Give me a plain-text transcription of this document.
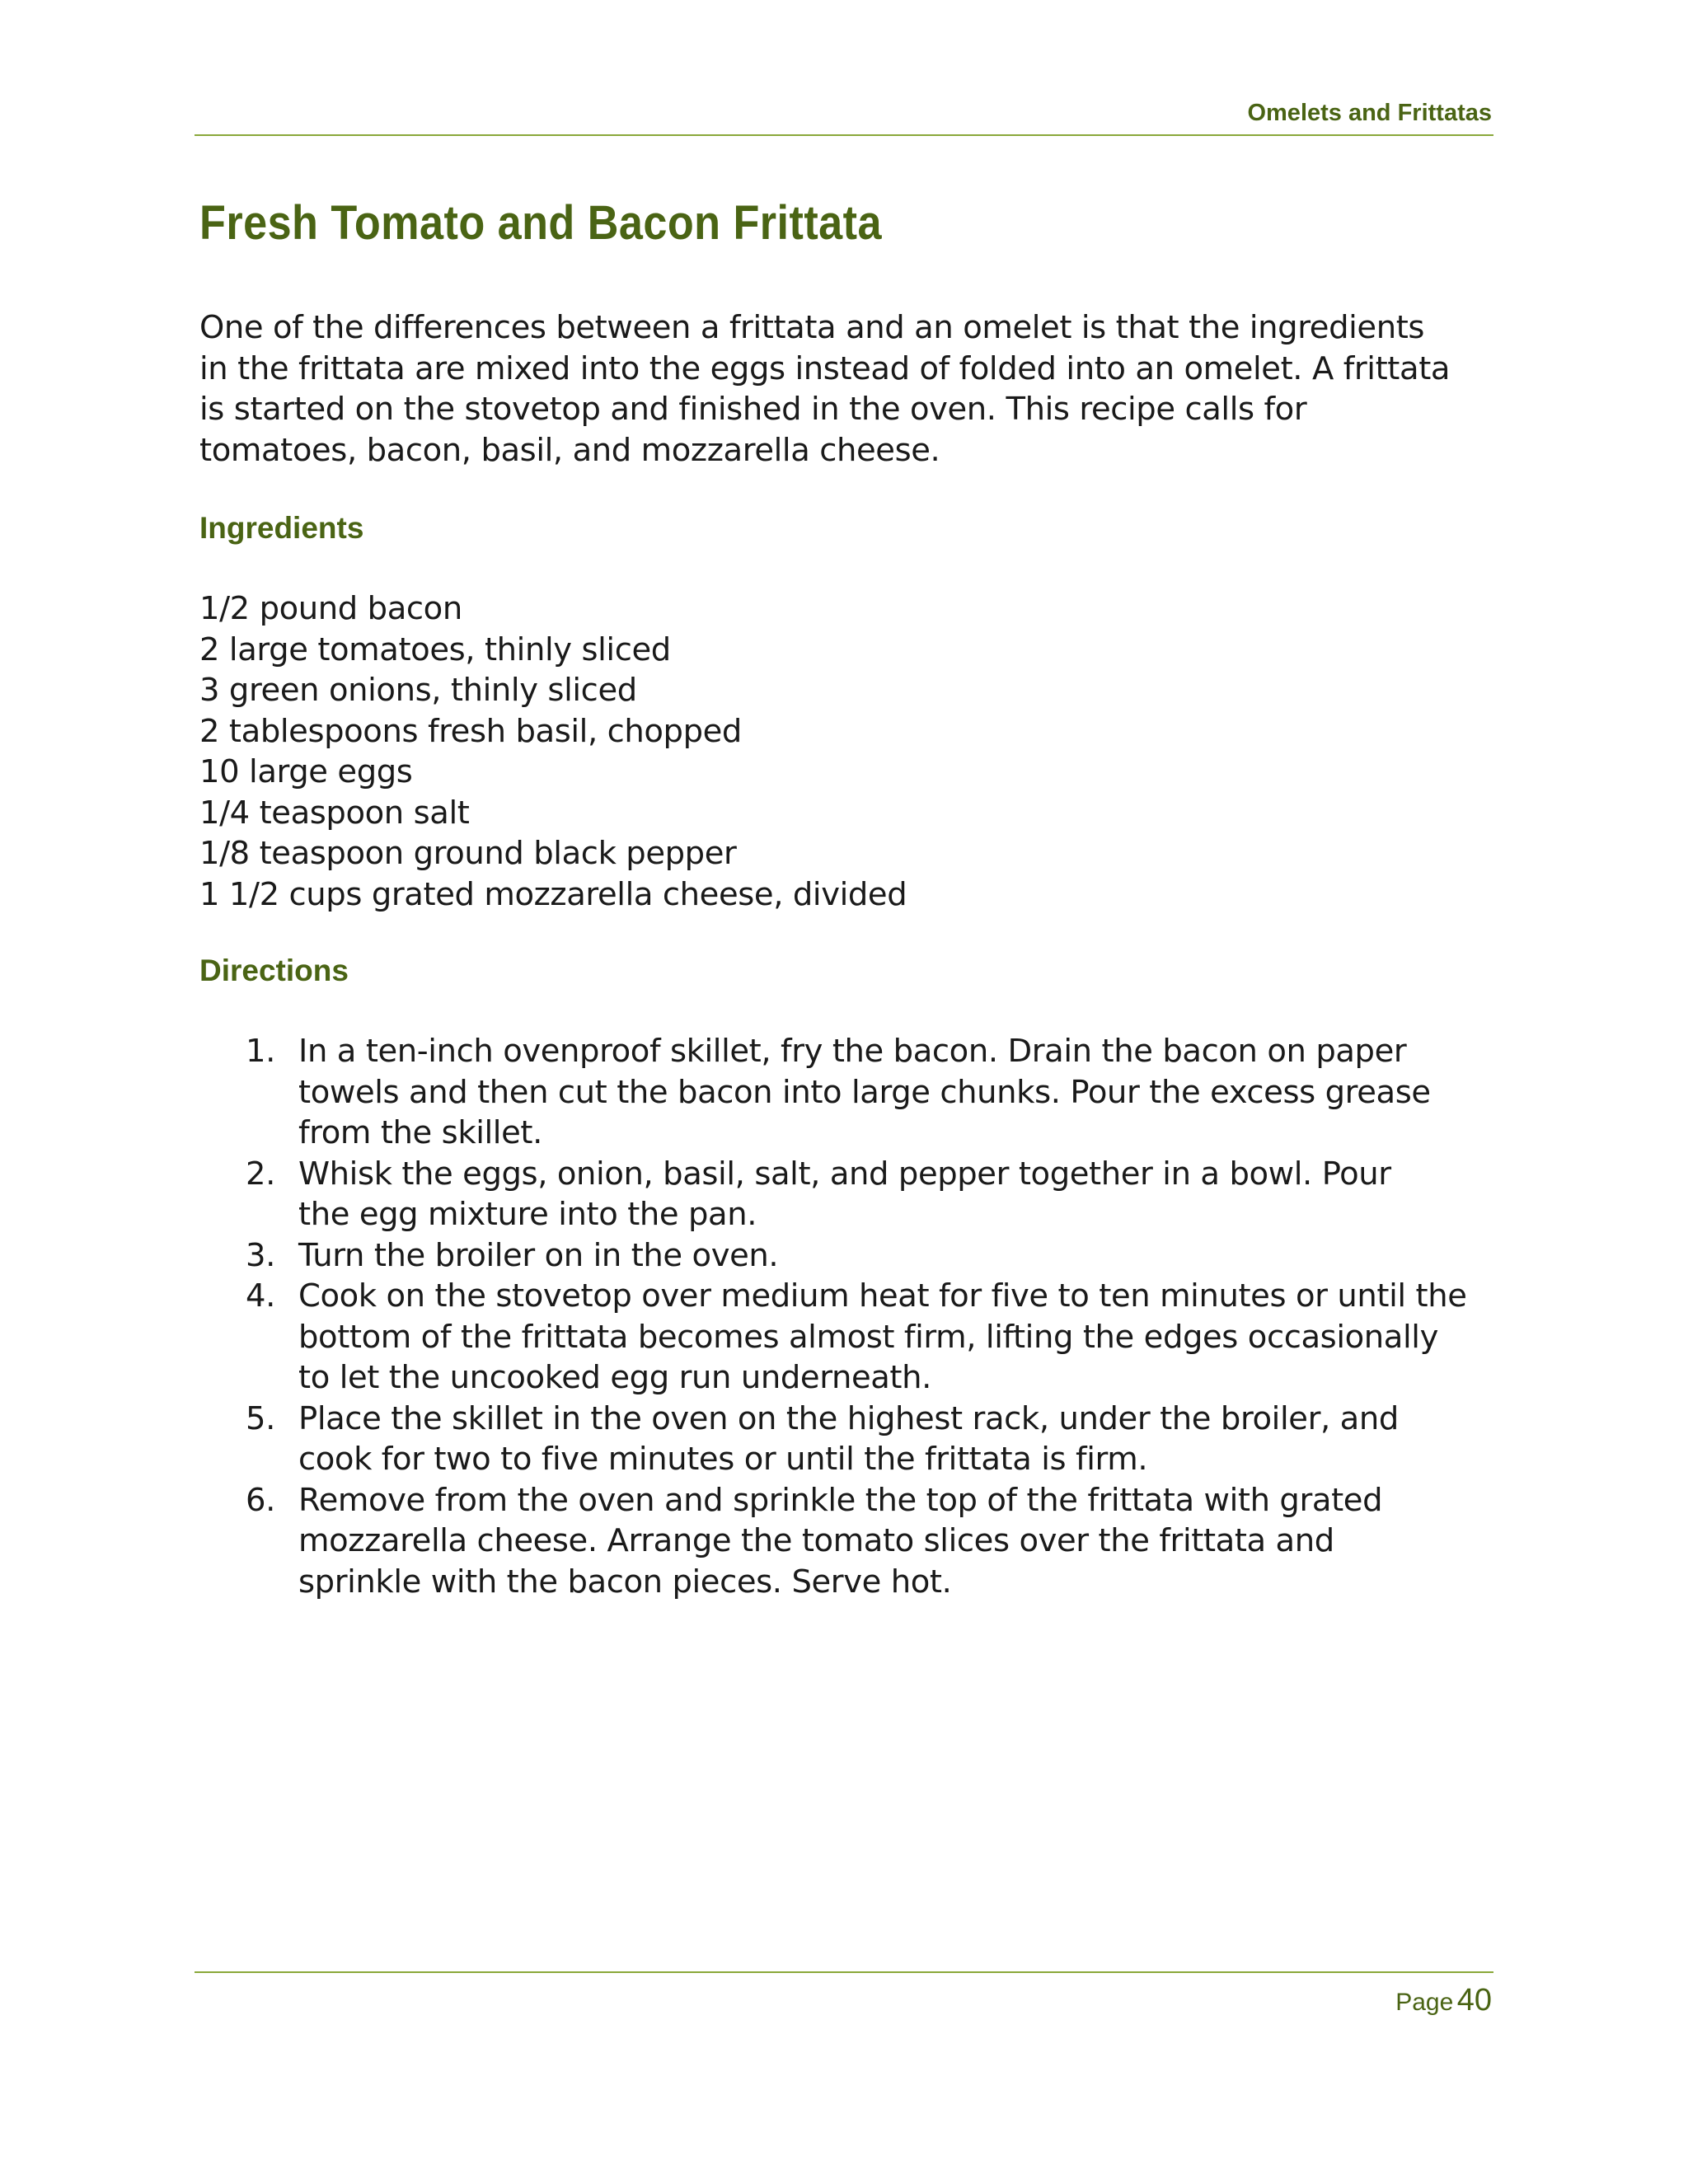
Omelets and Frittatas
Fresh Tomato and Bacon Frittata

One of the differences between a frittata and an omelet is that the ingredients
in the frittata are mixed into the eggs instead of folded into an omelet. A frittata
is started on the stovetop and finished in the oven. This recipe calls for
tomatoes, bacon, basil, and mozzarella cheese.

Ingredients
1/2 pound bacon
2 large tomatoes, thinly sliced
3 green onions, thinly sliced
2 tablespoons fresh basil, chopped
10 large eggs
1/4 teaspoon salt
1/8 teaspoon ground black pepper
1 1/2 cups grated mozzarella cheese, divided
Directions
1. In a ten-inch ovenproof skillet, fry the bacon. Drain the bacon on paper
towels and then cut the bacon into large chunks. Pour the excess grease
from the skillet.
2. Whisk the eggs, onion, basil, salt, and pepper together in a bowl. Pour
the egg mixture into the pan.
3. Turn the broiler on in the oven.
4. Cook on the stovetop over medium heat for five to ten minutes or until the
bottom of the frittata becomes almost firm, lifting the edges occasionally
to let the uncooked egg run underneath.
5. Place the skillet in the oven on the highest rack, under the broiler, and
cook for two to five minutes or until the frittata is firm.
6. Remove from the oven and sprinkle the top of the frittata with grated
mozzarella cheese. Arrange the tomato slices over the frittata and
sprinkle with the bacon pieces. Serve hot.
Page 40
